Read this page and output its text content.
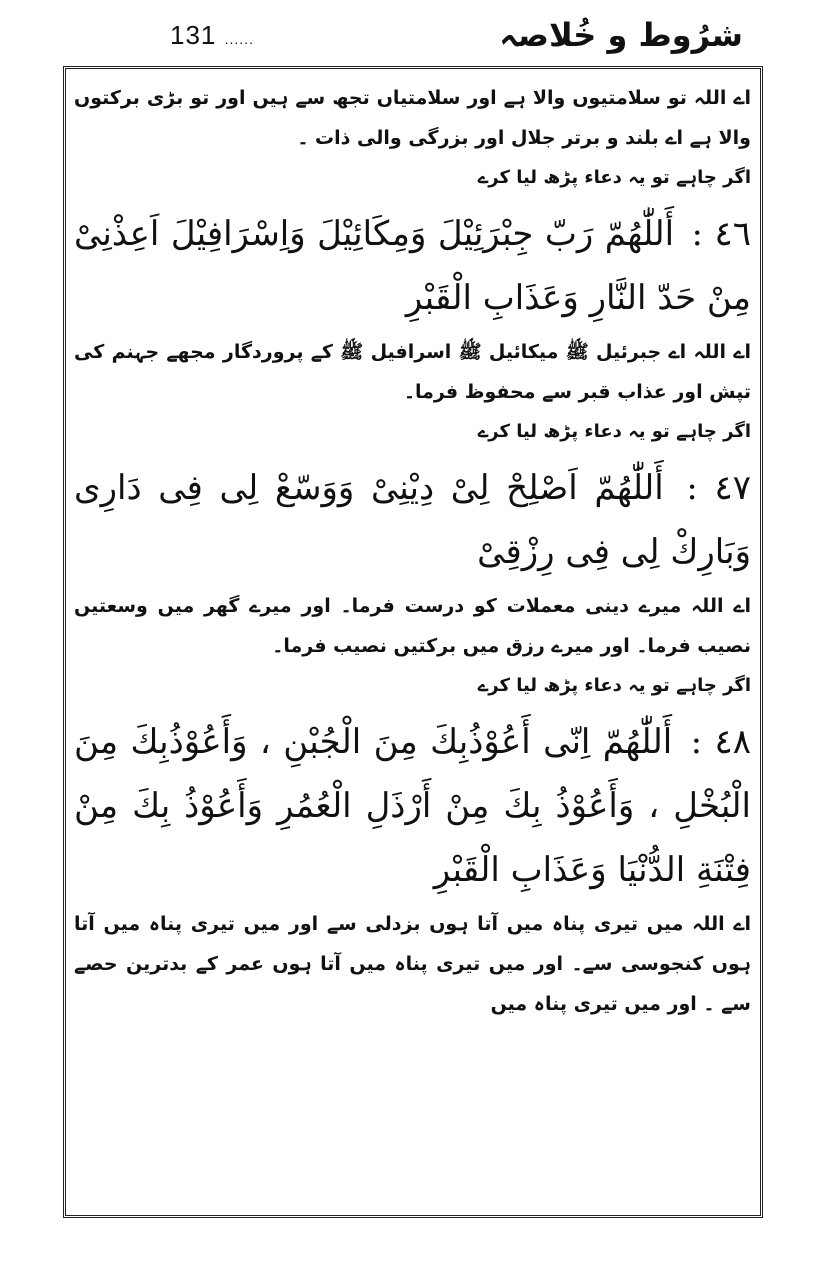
131 ......	شرُوط و خُلاصہ

اے اللہ تو سلامتیوں والا ہے اور سلامتیاں تجھ سے ہیں اور تو بڑی برکتوں والا ہے اے بلند و برتر جلال اور بزرگی والی ذات ۔

اگر چاہے تو یہ دعاء پڑھ لیا کرے

٤٦ : أَللّٰهُمّ رَبّ جِبْرَئِيْلَ وَمِكَائِيْلَ وَاِسْرَافِيْلَ اَعِذْنِىْ مِنْ حَدّ النَّارِ وَعَذَابِ الْقَبْرِ

اے اللہ اے جبرئیل ﷺ میکائیل ﷺ اسرافیل ﷺ کے پروردگار مجھے جہنم کی تپش اور عذاب قبر سے محفوظ فرما۔

اگر چاہے تو یہ دعاء پڑھ لیا کرے

٤٧ : أَللّٰهُمّ اَصْلِحْ لِىْ دِيْنِىْ وَوَسّعْ لِى فِى دَارِى وَبَارِكْ لِى فِى رِزْقِىْ

اے اللہ میرے دینی معملات کو درست فرما۔ اور میرے گھر میں وسعتیں نصیب فرما۔ اور میرے رزق میں برکتیں نصیب فرما۔

اگر چاہے تو یہ دعاء پڑھ لیا کرے

٤٨ : أَللّٰهُمّ اِنّى أَعُوْذُبِكَ مِنَ الْجُبْنِ ، وَأَعُوْذُبِكَ مِنَ الْبُخْلِ ، وَأَعُوْذُ بِكَ مِنْ أَرْذَلِ الْعُمُرِ وَأَعُوْذُ بِكَ مِنْ فِتْنَةِ الدُّنْيَا وَعَذَابِ الْقَبْرِ

اے اللہ میں تیری پناہ میں آتا ہوں بزدلی سے اور میں تیری پناہ میں آتا ہوں کنجوسی سے۔ اور میں تیری پناہ میں آتا ہوں عمر کے بدترین حصے سے ۔ اور میں تیری پناہ میں
